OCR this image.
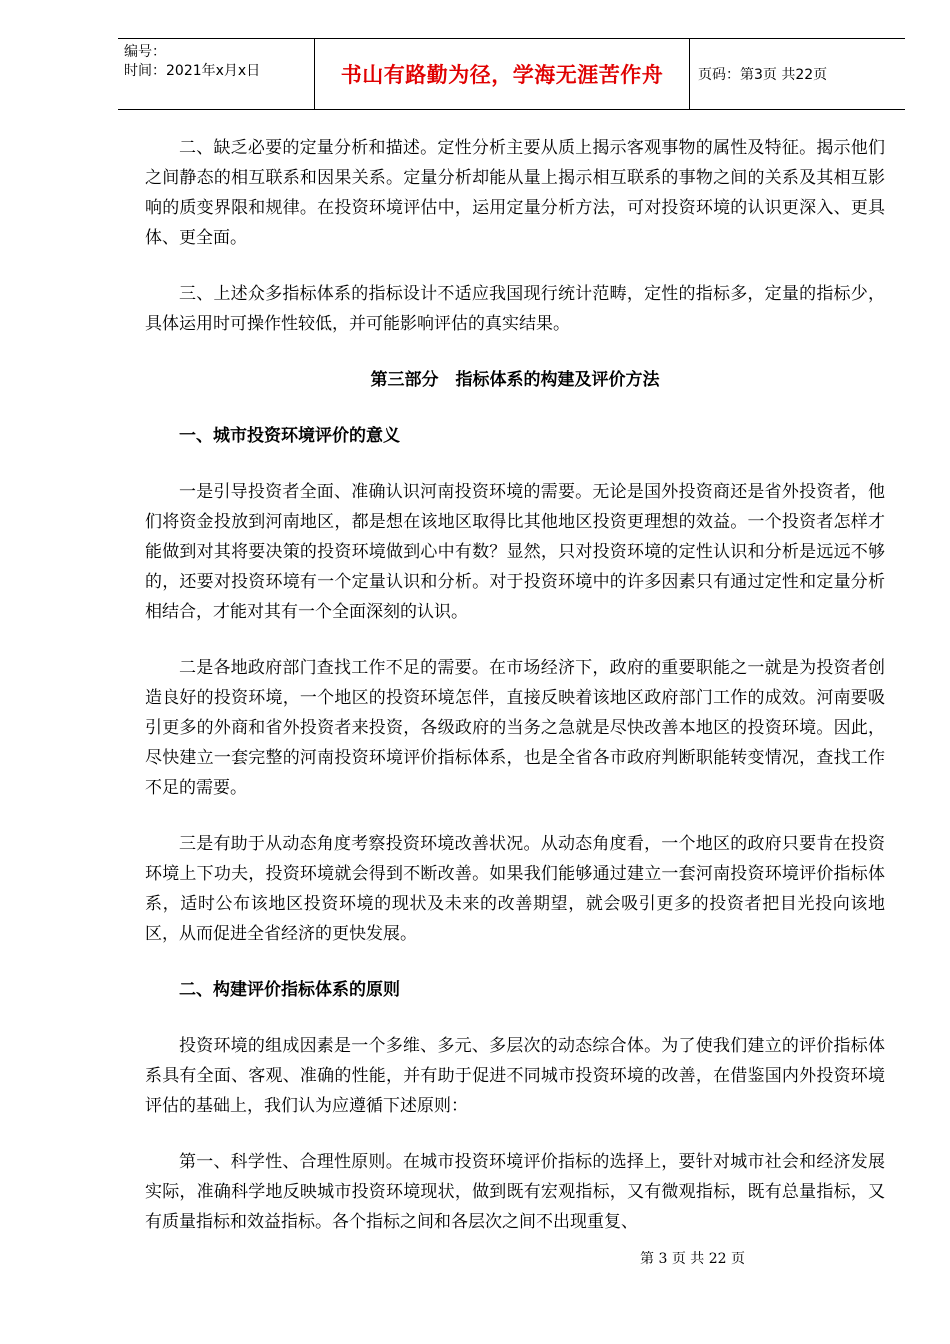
编号：
时间：2021年x月x日	书山有路勤为径，学海无涯苦作舟	页码：第3页 共22页

二、缺乏必要的定量分析和描述。定性分析主要从质上揭示客观事物的属性及特征。揭示他们之间静态的相互联系和因果关系。定量分析却能从量上揭示相互联系的事物之间的关系及其相互影响的质变界限和规律。在投资环境评估中，运用定量分析方法，可对投资环境的认识更深入、更具体、更全面。

三、上述众多指标体系的指标设计不适应我国现行统计范畴，定性的指标多，定量的指标少，具体运用时可操作性较低，并可能影响评估的真实结果。

第三部分　指标体系的构建及评价方法
一、城市投资环境评价的意义

一是引导投资者全面、准确认识河南投资环境的需要。无论是国外投资商还是省外投资者，他们将资金投放到河南地区，都是想在该地区取得比其他地区投资更理想的效益。一个投资者怎样才能做到对其将要决策的投资环境做到心中有数？显然，只对投资环境的定性认识和分析是远远不够的，还要对投资环境有一个定量认识和分析。对于投资环境中的许多因素只有通过定性和定量分析相结合，才能对其有一个全面深刻的认识。

二是各地政府部门查找工作不足的需要。在市场经济下，政府的重要职能之一就是为投资者创造良好的投资环境，一个地区的投资环境怎伴，直接反映着该地区政府部门工作的成效。河南要吸引更多的外商和省外投资者来投资，各级政府的当务之急就是尽快改善本地区的投资环境。因此，尽快建立一套完整的河南投资环境评价指标体系，也是全省各市政府判断职能转变情况，查找工作不足的需要。

三是有助于从动态角度考察投资环境改善状况。从动态角度看，一个地区的政府只要肯在投资环境上下功夫，投资环境就会得到不断改善。如果我们能够通过建立一套河南投资环境评价指标体系，适时公布该地区投资环境的现状及未来的改善期望，就会吸引更多的投资者把目光投向该地区，从而促进全省经济的更快发展。

二、构建评价指标体系的原则

投资环境的组成因素是一个多维、多元、多层次的动态综合体。为了使我们建立的评价指标体系具有全面、客观、准确的性能，并有助于促进不同城市投资环境的改善，在借鉴国内外投资环境评估的基础上，我们认为应遵循下述原则：

第一、科学性、合理性原则。在城市投资环境评价指标的选择上，要针对城市社会和经济发展实际，准确科学地反映城市投资环境现状，做到既有宏观指标，又有微观指标，既有总量指标，又有质量指标和效益指标。各个指标之间和各层次之间不出现重复、

第 3 页 共 22 页
